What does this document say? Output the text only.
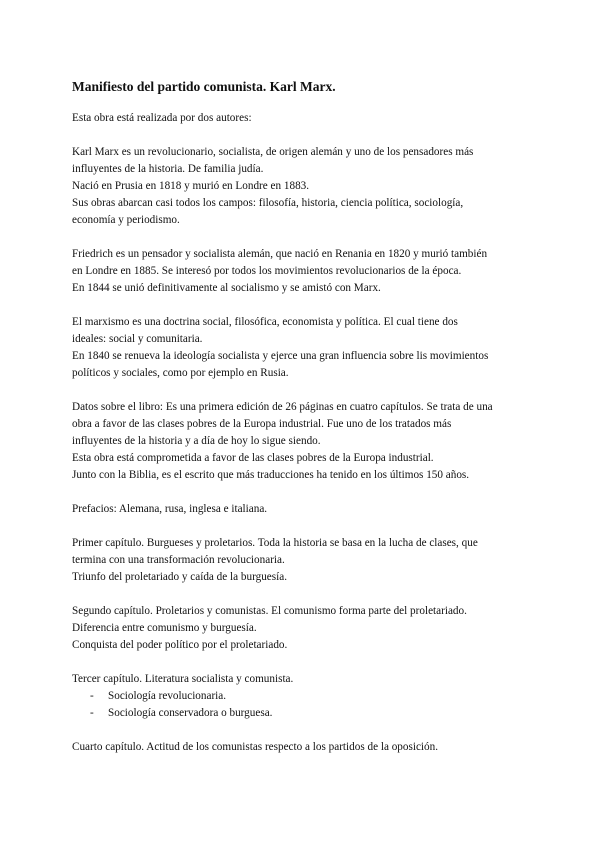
Manifiesto del partido comunista. Karl Marx.
Esta obra está realizada por dos autores:
Karl Marx es un revolucionario, socialista, de origen alemán y uno de los pensadores más
influyentes de la historia. De familia judía.
Nació en Prusia en 1818 y murió en Londre en 1883.
Sus obras abarcan casi todos los campos: filosofía, historia, ciencia política, sociología,
economía y periodismo.
Friedrich es un pensador y socialista alemán, que nació en Renania en 1820 y murió también
en Londre en 1885. Se interesó por todos los movimientos revolucionarios de la época.
En 1844 se unió definitivamente al socialismo y se amistó con Marx.
El marxismo es una doctrina social, filosófica, economista y política. El cual tiene dos
ideales: social y comunitaria.
En 1840 se renueva la ideología socialista y ejerce una gran influencia sobre lis movimientos
políticos y sociales, como por ejemplo en Rusia.
Datos sobre el libro: Es una primera edición de 26 páginas en cuatro capítulos. Se trata de una
obra a favor de las clases pobres de la Europa industrial. Fue uno de los tratados más
influyentes de la historia y a día de hoy lo sigue siendo.
Esta obra está comprometida a favor de las clases pobres de la Europa industrial.
Junto con la Biblia, es el escrito que más traducciones ha tenido en los últimos 150 años.
Prefacios: Alemana, rusa, inglesa e italiana.
Primer capítulo. Burgueses y proletarios. Toda la historia se basa en la lucha de clases, que
termina con una transformación revolucionaria.
Triunfo del proletariado y caída de la burguesía.
Segundo capítulo. Proletarios y comunistas. El comunismo forma parte del proletariado.
Diferencia entre comunismo y burguesía.
Conquista del poder político por el proletariado.
Tercer capítulo. Literatura socialista y comunista.
- Sociología revolucionaria.
- Sociología conservadora o burguesa.
Cuarto capítulo. Actitud de los comunistas respecto a los partidos de la oposición.
